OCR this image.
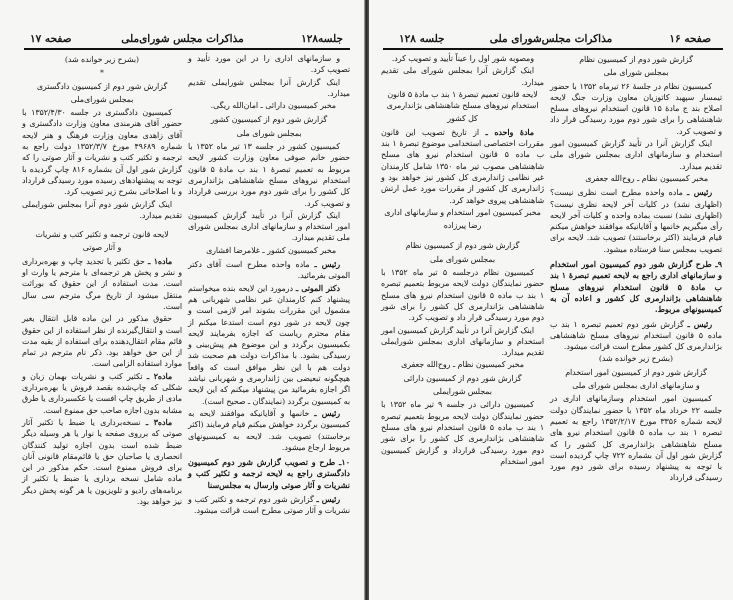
جلسه۱۲۸
مذاکرات مجلس شورای‌ملی
صفحه ۱۷
و سازمانهای اداری را در این مورد تأیید و تصویب کرد.
اینک گزارش آنرا بمجلس شورایملی تقدیم میدارد.
مخبر کمیسیون دارائی ـ امان‌الله ریگی.
گزارش شور دوم از کمیسیون کشور
بمجلس شورای ملی
کمیسیون کشور در جلسه ۱۳ تیر ماه ۱۳۵۲ با حضور خانم صوفی معاون وزارت کشور لایحه مربوط به تعمیم تبصرهٔ ۱ بند ب مادهٔ ۵ قانون استخدام نیروهای مسلح شاهنشاهی بژاندارمری کل کشور را برای شور دوم مورد بررسی قرارداد و تصویب کرد.
اینک گزارش آنرا در تأیید گزارش کمیسیون امور استخدام و سازمانهای اداری بمجلس شورای ملی تقدیم میدارد.
مخبر کمیسیون کشور ـ غلامرضا افشاری
رئیس ـ ماده واحده مطرح است آقای دکتر الموتی بفرمائید.
دکتر الموتی ـ درمورد این لایحه بنده میخواستم پیشنهاد کنم کارمندان غیر نظامی شهربانی هم مشمول این مقررات بشوند امر لازمی است و چون لایحه در شور دوم است استدعا میکنم از مقام محترم ریاست که اجازه بفرمایند لایحه بکمیسیون برگردد و این موضوع هم پیش‌بینی و رسیدگی بشود. با مذاکرات دولت هم صحبت شد دولت هم با این نظر موافق است که واقعاً هیچگونه تبعیضی بین ژاندارمری و شهربانی نباشد اگر اجازه بفرمائید من پیشنهاد میکنم که این لایحه به کمیسیون برگردد (نمایندگان ـ صحیح است).
رئیس ـ خانمها و آقایانیکه موافقند لایحه به کمیسیون برگردد خواهش میکنم قیام فرمایند (اکثر برخاستند) تصویب شد. لایحه به کمیسیونهای مربوط ارجاع میشود.
۱۰ـ طرح و تصویب گزارش شور دوم کمیسیون دادگستری راجع به لایحه ترجمه و تکثیر کتب و نشریات و آثار صوتی وارسال به مجلس‌سنا
رئیس ـ گزارش شور دوم ترجمه و تکثیر کتب و نشریات و آثار صوتی مطرح است قرائت میشود.
(بشرح زیر خوانده شد)
*
گزارش شور دوم از کمیسیون دادگستری
بمجلس شورای‌ملی
کمیسیون دادگستری در جلسه ۱۳۵۲/۴/۳۰ با حضور آقای هنرمندی معاون وزارت دادگستری و آقای زاهدی معاون وزارت فرهنگ و هنر لایحه شماره ۴۹۶۸۹ مورخ ۱۳۵۲/۳/۷ دولت راجع به ترجمه و تکثیر کتب و نشریات و آثار صوتی را که گزارش شور اول آن بشماره ۸۱۶ چاپ گردیده با توجه به پیشنهادهای رسیده مورد رسیدگی قرارداد و با اصلاحاتی بشرح زیر تصویب کرد.
اینک گزارش شور دوم آنرا بمجلس شورایملی تقدیم میدارد.
لایحه قانون ترجمه و تکثیر کتب و نشریات
و آثار صوتی
ماده۱ ـ حق تکثیر یا تجدید چاپ و بهره‌برداری و نشر و پخش هر ترجمه‌ای با مترجم یا وارث او است. مدت استفاده از این حقوق که بوراثت منتقل میشود از تاریخ مرگ مترجم سی سال است.
حقوق مذکور در این ماده قابل انتقال بغیر است و انتقال‌گیرنده از نظر استفاده از این حقوق قائم مقام انتقال‌دهنده برای استفاده از بقیه مدت از این حق خواهد بود. ذکر نام مترجم در تمام موارد استفاده الزامی است.
ماده۲ ـ تکثیر کتب و نشریات بهمان زبان و شکلی که چاپ‌شده بقصد فروش یا بهره‌برداری مادی از طریق چاپ افست یا عکسبرداری یا طرق مشابه بدون اجازه صاحب حق ممنوع است.
ماده۳ ـ نسخه‌برداری یا ضبط یا تکثیر آثار صوتی که برروی صفحه یا نوار یا هر وسیله دیگر ضبط شده است بدون اجازه تولید کنندگان انحصاری یا صاحبان حق یا قائم‌مقام قانونی آنان برای فروش ممنوع است. حکم مذکور در این ماده شامل نسخه برداری یا ضبط یا تکثیر از برنامه‌های رادیو و تلویزیون یا هر گونه پخش دیگر نیز خواهد بود.
جلسه ۱۲۸	مذاکرات مجلس‌شورای ملی	صفحه ۱۶
گزارش شور دوم از کمیسیون نظام
بمجلس شورای ملی
کمیسیون نظام در جلسهٔ ۲۶ تیرماه ۱۳۵۲ با حضور تیمسار سپهبد کاتوزیان معاون وزارت جنگ لایحه اصلاح بند ج مادهٔ ۱۵ قانون استخدام نیروهای مسلح شاهنشاهی را برای شور دوم مورد رسیدگی قرار داد و تصویب کرد.
اینک گزارش آنرا در تأیید گزارش کمیسیون امور استخدام و سازمانهای اداری بمجلس شورای ملی تقدیم میدارد.
مخبر کمیسیون نظام ـ روح‌الله جعفری
رئیس ـ ماده واحده مطرح است نظری نیست؟ (اظهاری نشد) در کلیات آخر لایحه نظری نیست؟ (اظهاری نشد) نسبت بماده واحده و کلیات آخر لایحه رأی میگیریم خانمها و آقایانیکه موافقند خواهش میکنم قیام فرمایند (اکثر برخاستند) تصویب شد. لایحه برای تصویب بمجلس سنا فرستاده میشود.
۹ـ طرح گزارش شور دوم کمیسیون امور استخدام و سازمانهای اداری راجع به لایحه تعمیم تبصرهٔ ۱ بند ب مادهٔ ۵ قانون استخدام نیروهای مسلح شاهنشاهی بژاندارمری کل کشور و اعاده آن به کمیسیونهای مربوط.
رئیس ـ گزارش شور دوم تعمیم تبصره ۱ بند ب ماده ۵ قانون استخدام نیروهای مسلح شاهنشاهی بژاندارمری کل کشور مطرح است قرائت میشود.
(بشرح زیر خوانده شد)
گزارش شور دوم از کمیسیون امور استخدام
و سازمانهای اداری بمجلس شورای ملی
کمیسیون امور استخدام وسازمانهای اداری در جلسه ۲۲ خرداد ماه ۱۳۵۲ با حضور نمایندگان دولت لایحه شماره ۳۳۵۶ مورخ ۱۳۵۲/۲/۱۷ راجع به تعمیم تبصره ۱ بند ب ماده ۵ قانون استخدام نیرو های مسلح شاهنشاهی بژاندارمری کل کشور را که گزارش شور اول آن بشماره ۷۲۲ چاپ گردیده است با توجه به پیشنهاد رسیده برای شور دوم مورد رسیدگی قرارداد
ومصوبه شور اول را عیناً تأیید و تصویب کرد.
اینک گزارش آنرا بمجلس شورای ملی تقدیم میدارد.
لایحه قانون تعمیم تبصرهٔ ۱ بند ب مادهٔ ۵ قانون استخدام نیروهای مسلح شاهنشاهی بژاندارمری
کل کشور
مادهٔ واحده ـ از تاریخ تصویب این قانون مقررات اختصاصی استخدامی موضوع تبصرهٔ ۱ بند ب ماده ۵ قانون استخدام نیرو های مسلح شاهنشاهی مصوب تیر ماه ۱۳۵۰ شامل کارمندان غیر نظامی ژاندارمری کل کشور نیز خواهد بود و ژاندارمری کل کشور از مقررات مورد عمل ارتش شاهنشاهی پیروی خواهد کرد.
مخبر کمیسیون امور استخدام و سازمانهای اداری
رضا پیرزاده
گزارش شور دوم از کمیسیون نظام
بمجلس شورای ملی
کمیسیون نظام درجلسه ۵ تیر ماه ۱۳۵۲ با حضور نمایندگان دولت لایحه مربوط بتعمیم تبصره ۱ بند ب ماده ۵ قانون استخدام نیرو های مسلح شاهنشاهی بژاندارمری کل کشور را برای شور دوم مورد رسیدگی قرار داد و تصویب کرد.
اینک گزارش آنرا در تأیید گزارش کمیسیون امور استخدام و سازمانهای اداری بمجلس شورایملی تقدیم میدارد.
مخبر کمیسیون نظام ـ روح‌الله جعفری
گزارش شور دوم از کمیسیون دارائی
بمجلس شورایملی
کمیسیون دارائی در جلسه ۹ تیر ماه ۱۳۵۲ با حضور نمایندگان دولت لایحه مربوط بتعمیم تبصره ۱ بند ب ماده ۵ قانون استخدام نیرو های مسلح شاهنشاهی بژاندارمری کل کشور را برای شور دوم مورد رسیدگی قرارداد و گزارش کمیسیون امور استخدام
